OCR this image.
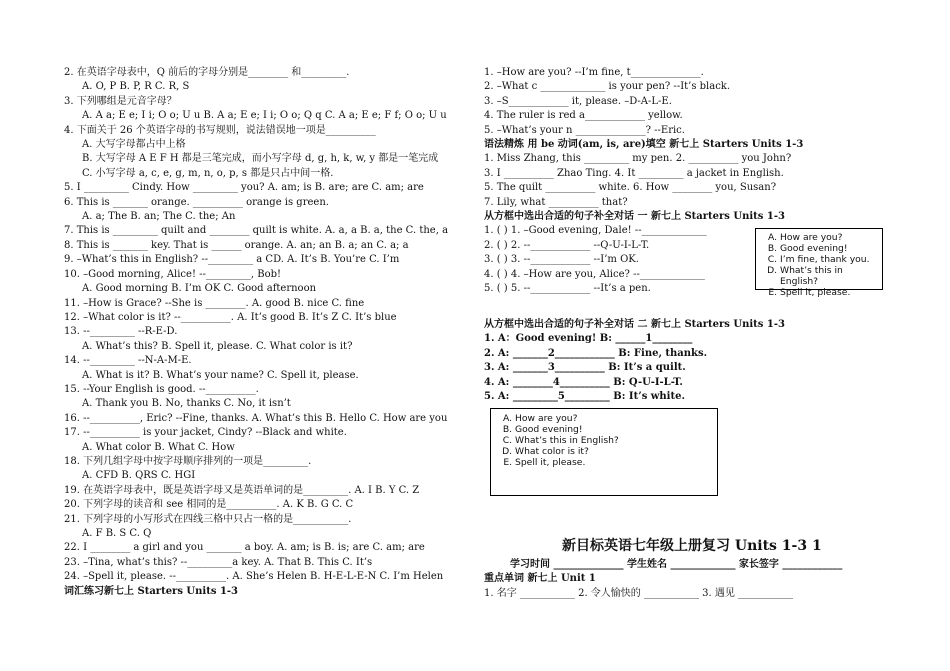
2. 在英语字母表中，Q 前后的字母分别是________ 和_________.
A. O, P B. P, R C. R, S
3. 下列哪组是元音字母？
A. A a; E e; I i; O o; U u B. A a; E e; I i; O o; Q q C. A a; E e; F f; O o; U u
4. 下面关于 26 个英语字母的书写规则，说法错误地一项是__________
A. 大写字母都占中上格
B. 大写字母 A E F H 都是三笔完成，而小写字母 d, g, h, k, w, y 都是一笔完成
C. 小写字母 a, c, e, g, m, n, o, p, s 都是只占中间一格.
5. I _________ Cindy. How _________ you? A. am; is B. are; are C. am; are
6. This is _______ orange. __________ orange is green.
A. a; The B. an; The C. the; An
7. This is _________ quilt and ________ quilt is white. A. a, a B. a, the C. the, a
8. This is _______ key. That is ______ orange. A. an; an B. a; an C. a; a
9. –What’s this in English? --_________ a CD. A. It’s B. You’re C. I’m
10. –Good morning, Alice! --_________, Bob!
A. Good morning B. I’m OK C. Good afternoon
11. –How is Grace? --She is ________. A. good B. nice C. fine
12. –What color is it? --__________. A. It’s good B. It’s Z C. It’s blue
13. --_________ --R-E-D.
A. What’s this? B. Spell it, please. C. What color is it?
14. --_________ --N-A-M-E.
A. What is it? B. What’s your name? C. Spell it, please.
15. --Your English is good. --__________.
A. Thank you B. No, thanks C. No, it isn’t
16. --__________, Eric? --Fine, thanks. A. What’s this B. Hello C. How are you
17. --__________ is your jacket, Cindy? --Black and white.
A. What color B. What C. How
18. 下列几组字母中按字母顺序排列的一项是_________.
A. CFD B. QRS C. HGI
19. 在英语字母表中，既是英语字母又是英语单词的是_________. A. I B. Y C. Z
20. 下列字母的读音和 see 相同的是__________. A. K B. G C. C
21. 下列字母的小写形式在四线三格中只占一格的是___________.
A. F B. S C. Q
22. I ________ a girl and you _______ a boy. A. am; is B. is; are C. am; are
23. –Tina, what’s this? --_________a key. A. That B. This C. It’s
24. –Spell it, please. --__________. A. She’s Helen B. H-E-L-E-N C. I’m Helen
词汇练习新七上 Starters Units 1-3
1. –How are you? --I’m fine, t______________.
2. –What c _____________ is your pen? --It’s black.
3. –S____________ it, please. –D-A-L-E.
4. The ruler is red a____________ yellow.
5. –What’s your n ______________? --Eric.
语法精炼 用 be 动词(am, is, are)填空 新七上 Starters Units 1-3
1. Miss Zhang, this _________ my pen. 2. __________ you John?
3. I __________ Zhao Ting. 4. It _________ a jacket in English.
5. The quilt __________ white. 6. How ________ you, Susan?
7. Lily, what __________ that?
从方框中选出合适的句子补全对话 一 新七上 Starters Units 1-3
1. ( ) 1. –Good evening, Dale! --_____________
2. ( ) 2. --____________ --Q-U-I-L-T.
3. ( ) 3. --____________ --I’m OK.
4. ( ) 4. –How are you, Alice? --_____________
5. ( ) 5. --____________ --It’s a pen.
A. How are you?
B. Good evening!
C. I’m fine, thank you.
D. What’s this in English?
E. Spell it, please.
从方框中选出合适的句子补全对话 二 新七上 Starters Units 1-3
1. A：Good evening! B: ______1________
2. A: _______2____________ B: Fine, thanks.
3. A: _______3__________ B: It’s a quilt.
4. A: ________4__________ B: Q-U-I-L-T.
5. A: _________5_________ B: It’s white.
A. How are you?
B. Good evening!
C. What’s this in English?
D. What color is it?
E. Spell it, please.
新目标英语七年级上册复习 Units 1-3 1
学习时间 ______________ 学生姓名 _____________ 家长签字 ____________
重点单词 新七上 Unit 1
1. 名字 ___________ 2. 令人愉快的 ___________ 3. 遇见 ___________
